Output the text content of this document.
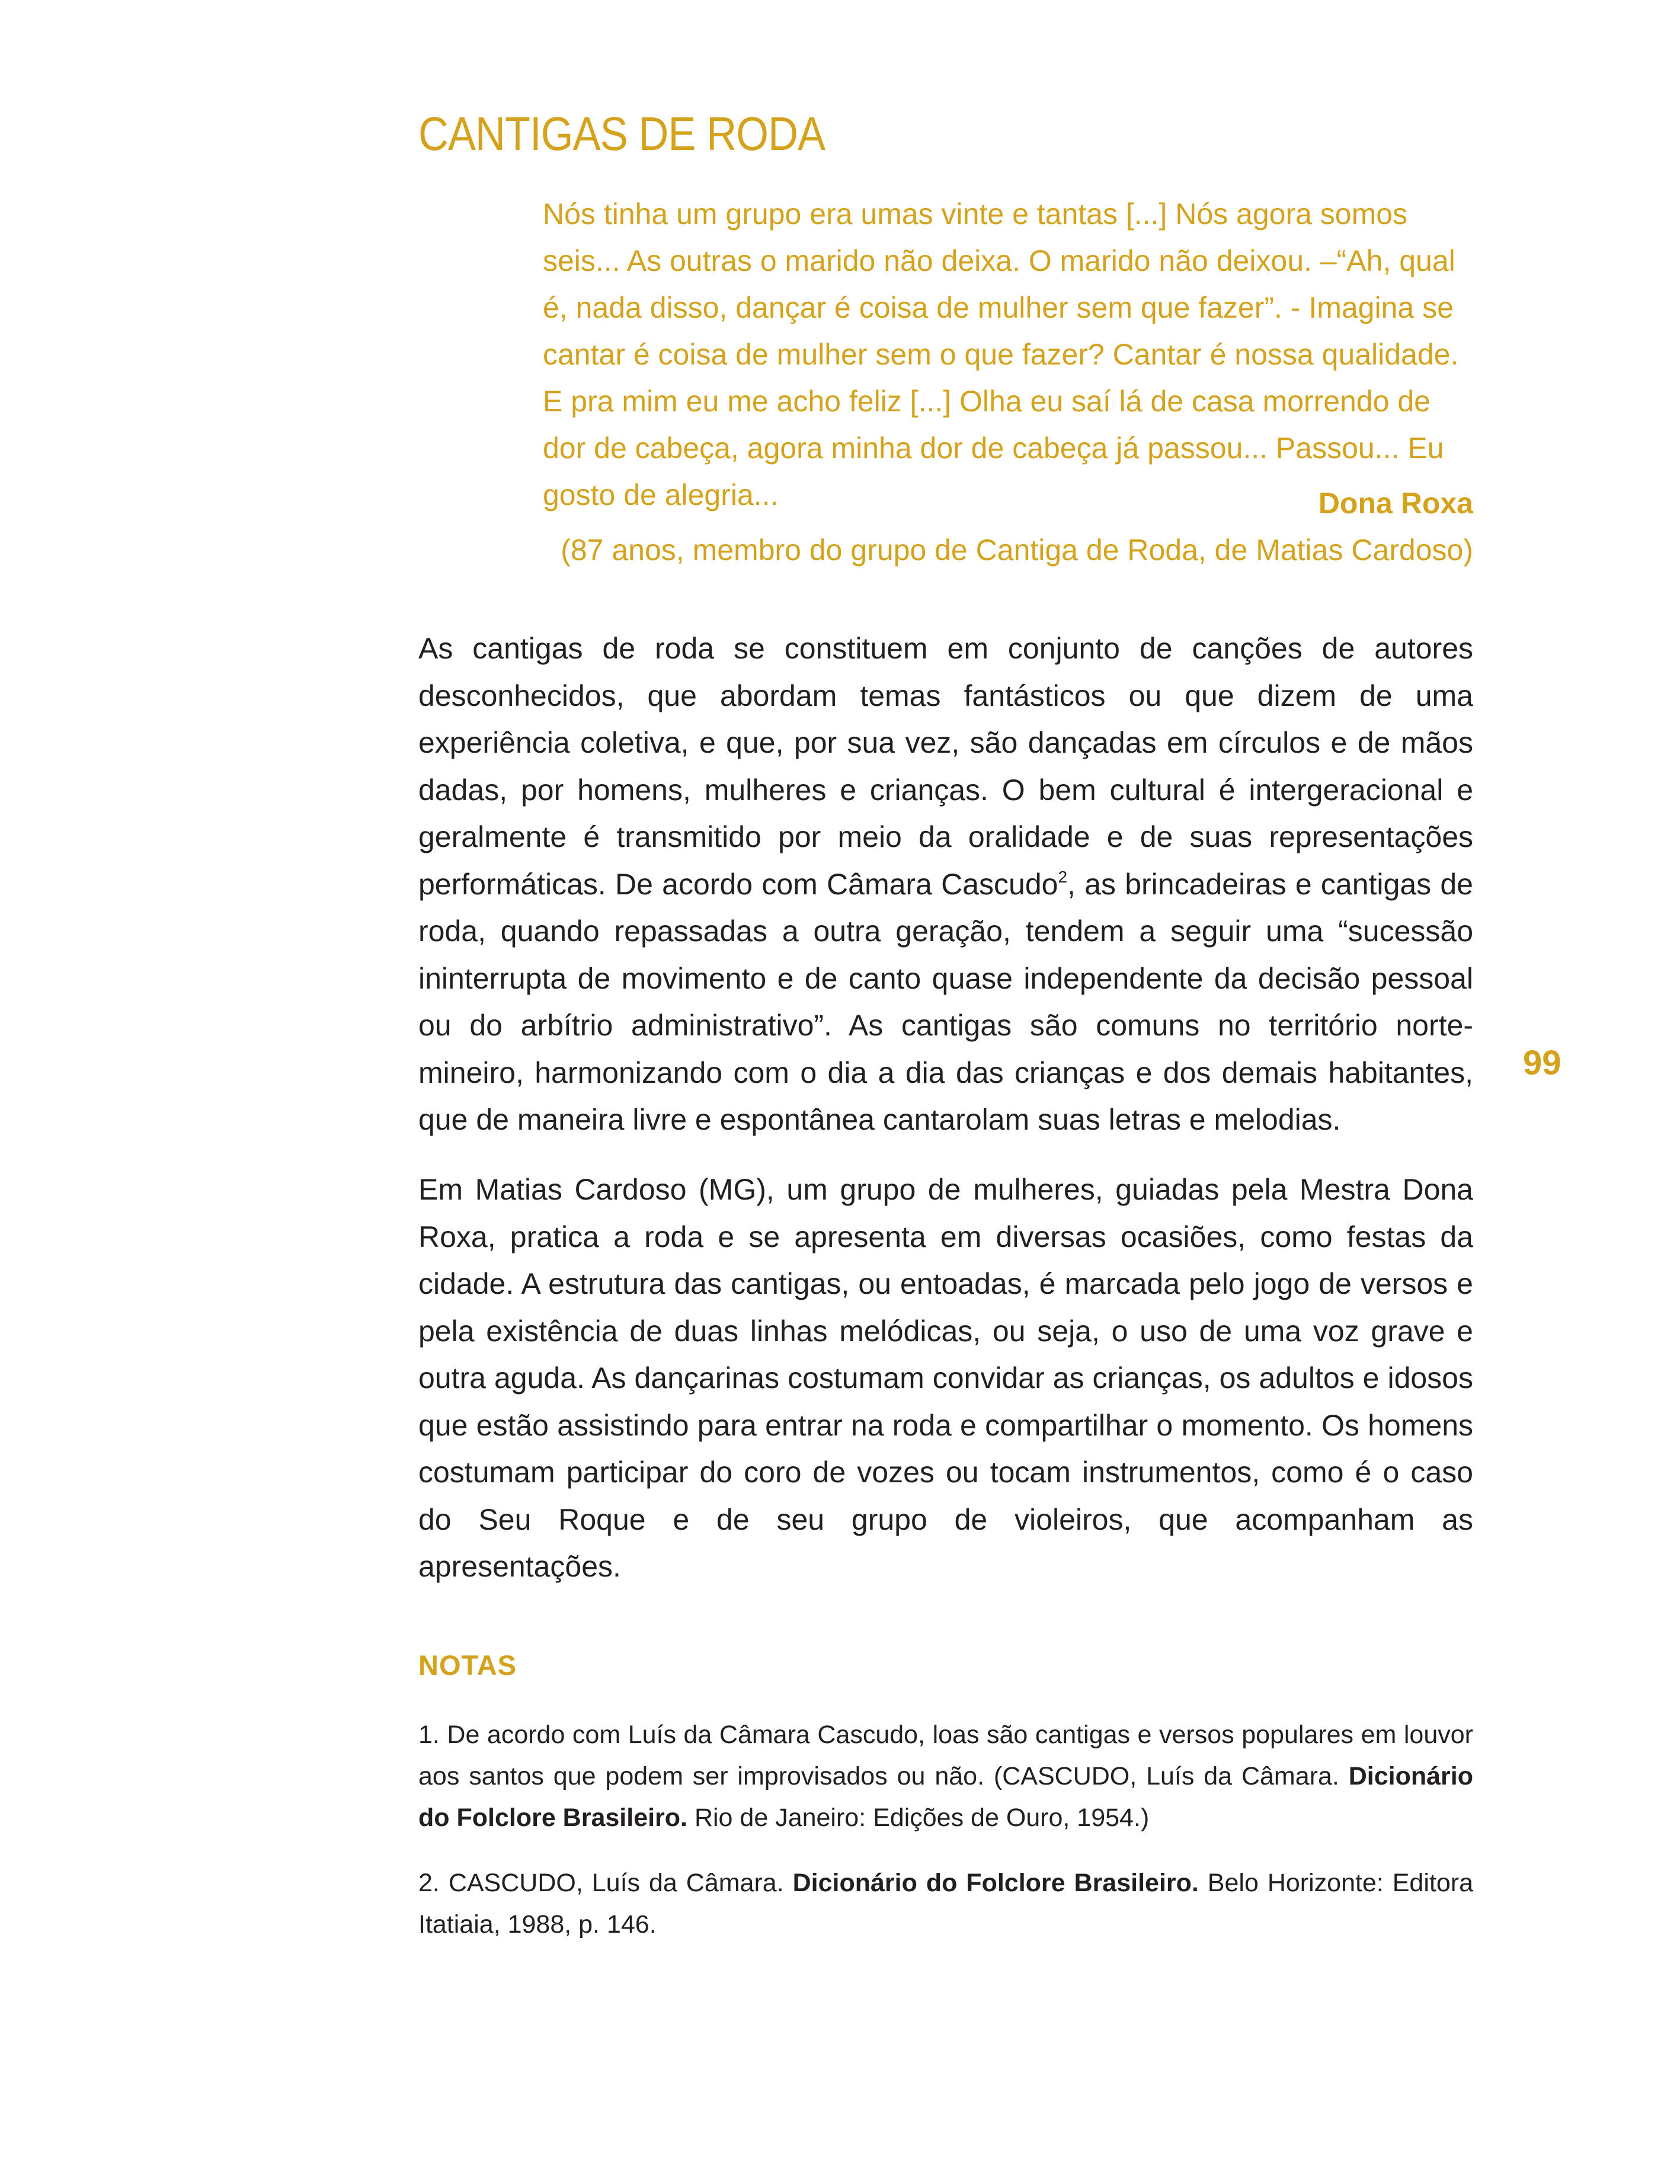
CANTIGAS DE RODA

Nós tinha um grupo era umas vinte e tantas [...] Nós agora somos seis... As outras o marido não deixa. O marido não deixou. –“Ah, qual é, nada disso, dançar é coisa de mulher sem que fazer”. - Imagina se cantar é coisa de mulher sem o que fazer? Cantar é nossa qualidade. E pra mim eu me acho feliz [...] Olha eu saí lá de casa morrendo de dor de cabeça, agora minha dor de cabeça já passou... Passou... Eu gosto de alegria...	Dona Roxa
(87 anos, membro do grupo de Cantiga de Roda, de Matias Cardoso)

As cantigas de roda se constituem em conjunto de canções de autores desconhecidos, que abordam temas fantásticos ou que dizem de uma experiência coletiva, e que, por sua vez, são dançadas em círculos e de mãos dadas, por homens, mulheres e crianças. O bem cultural é intergeracional e geralmente é transmitido por meio da oralidade e de suas representações performáticas. De acordo com Câmara Cascudo$^2$, as brincadeiras e cantigas de roda, quando repassadas a outra geração, tendem a seguir uma “sucessão ininterrupta de movimento e de canto quase independente da decisão pessoal ou do arbítrio administrativo”. As cantigas são comuns no território norte-mineiro, harmonizando com o dia a dia das crianças e dos demais habitantes, que de maneira livre e espontânea cantarolam suas letras e melodias.

Em Matias Cardoso (MG), um grupo de mulheres, guiadas pela Mestra Dona Roxa, pratica a roda e se apresenta em diversas ocasiões, como festas da cidade. A estrutura das cantigas, ou entoadas, é marcada pelo jogo de versos e pela existência de duas linhas melódicas, ou seja, o uso de uma voz grave e outra aguda. As dançarinas costumam convidar as crianças, os adultos e idosos que estão assistindo para entrar na roda e compartilhar o momento. Os homens costumam participar do coro de vozes ou tocam instrumentos, como é o caso do Seu Roque e de seu grupo de violeiros, que acompanham as apresentações.

99
NOTAS

1. De acordo com Luís da Câmara Cascudo, loas são cantigas e versos populares em louvor aos santos que podem ser improvisados ou não. (CASCUDO, Luís da Câmara. Dicionário do Folclore Brasileiro. Rio de Janeiro: Edições de Ouro, 1954.)

2. CASCUDO, Luís da Câmara. Dicionário do Folclore Brasileiro. Belo Horizonte: Editora Itatiaia, 1988, p. 146.
